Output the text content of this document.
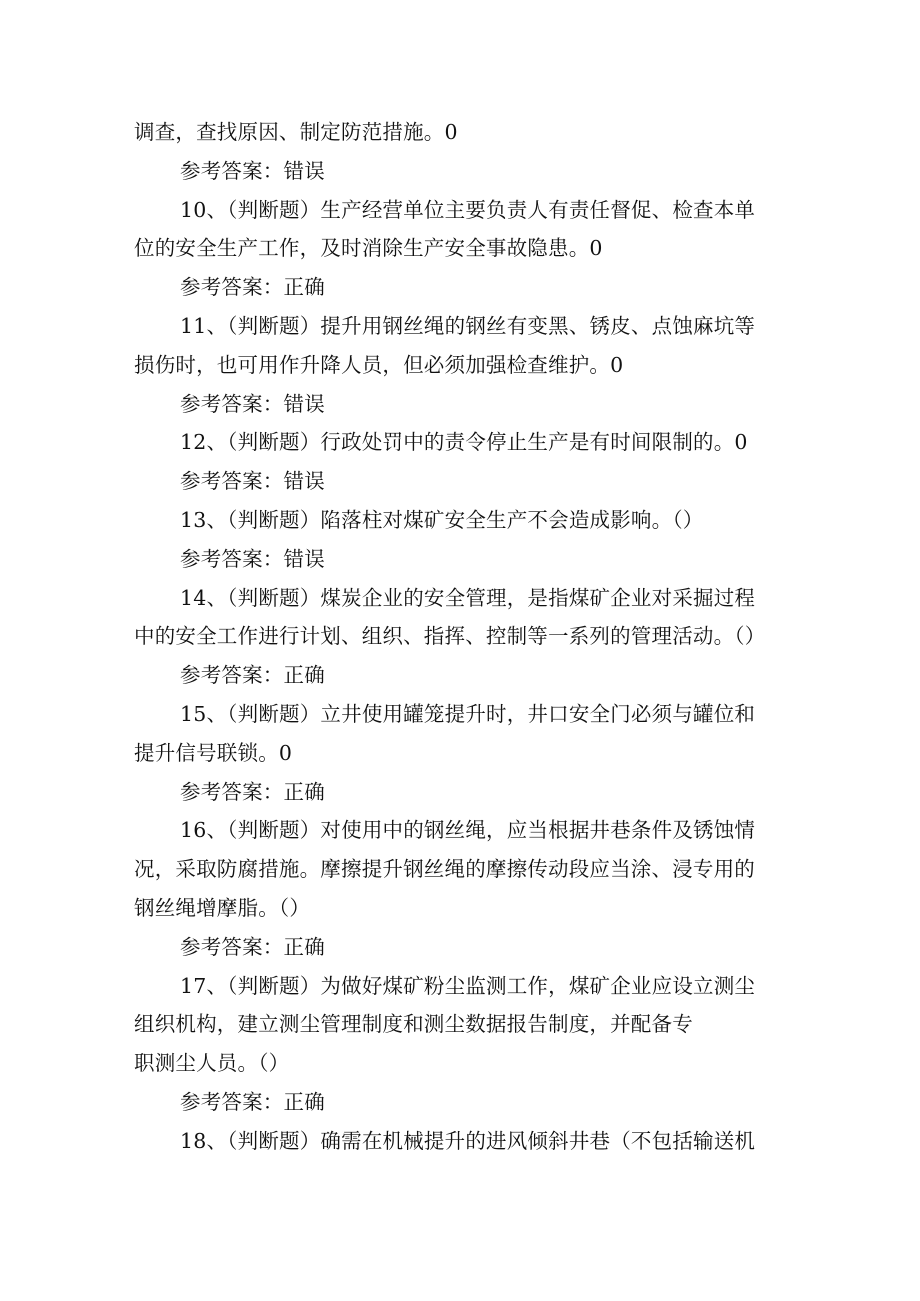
调查，查找原因、制定防范措施。0
参考答案：错误
10、（判断题）生产经营单位主要负责人有责任督促、检查本单
位的安全生产工作，及时消除生产安全事故隐患。0
参考答案：正确
11、（判断题）提升用钢丝绳的钢丝有变黑、锈皮、点蚀麻坑等
损伤时，也可用作升降人员，但必须加强检查维护。0
参考答案：错误
12、（判断题）行政处罚中的责令停止生产是有时间限制的。0
参考答案：错误
13、（判断题）陷落柱对煤矿安全生产不会造成影响。（）
参考答案：错误
14、（判断题）煤炭企业的安全管理，是指煤矿企业对采掘过程
中的安全工作进行计划、组织、指挥、控制等一系列的管理活动。（）
参考答案：正确
15、（判断题）立井使用罐笼提升时，井口安全门必须与罐位和
提升信号联锁。0
参考答案：正确
16、（判断题）对使用中的钢丝绳，应当根据井巷条件及锈蚀情
况，采取防腐措施。摩擦提升钢丝绳的摩擦传动段应当涂、浸专用的
钢丝绳增摩脂。（）
参考答案：正确
17、（判断题）为做好煤矿粉尘监测工作，煤矿企业应设立测尘
组织机构，建立测尘管理制度和测尘数据报告制度，并配备专
职测尘人员。（）
参考答案：正确
18、（判断题）确需在机械提升的进风倾斜井巷（不包括输送机
